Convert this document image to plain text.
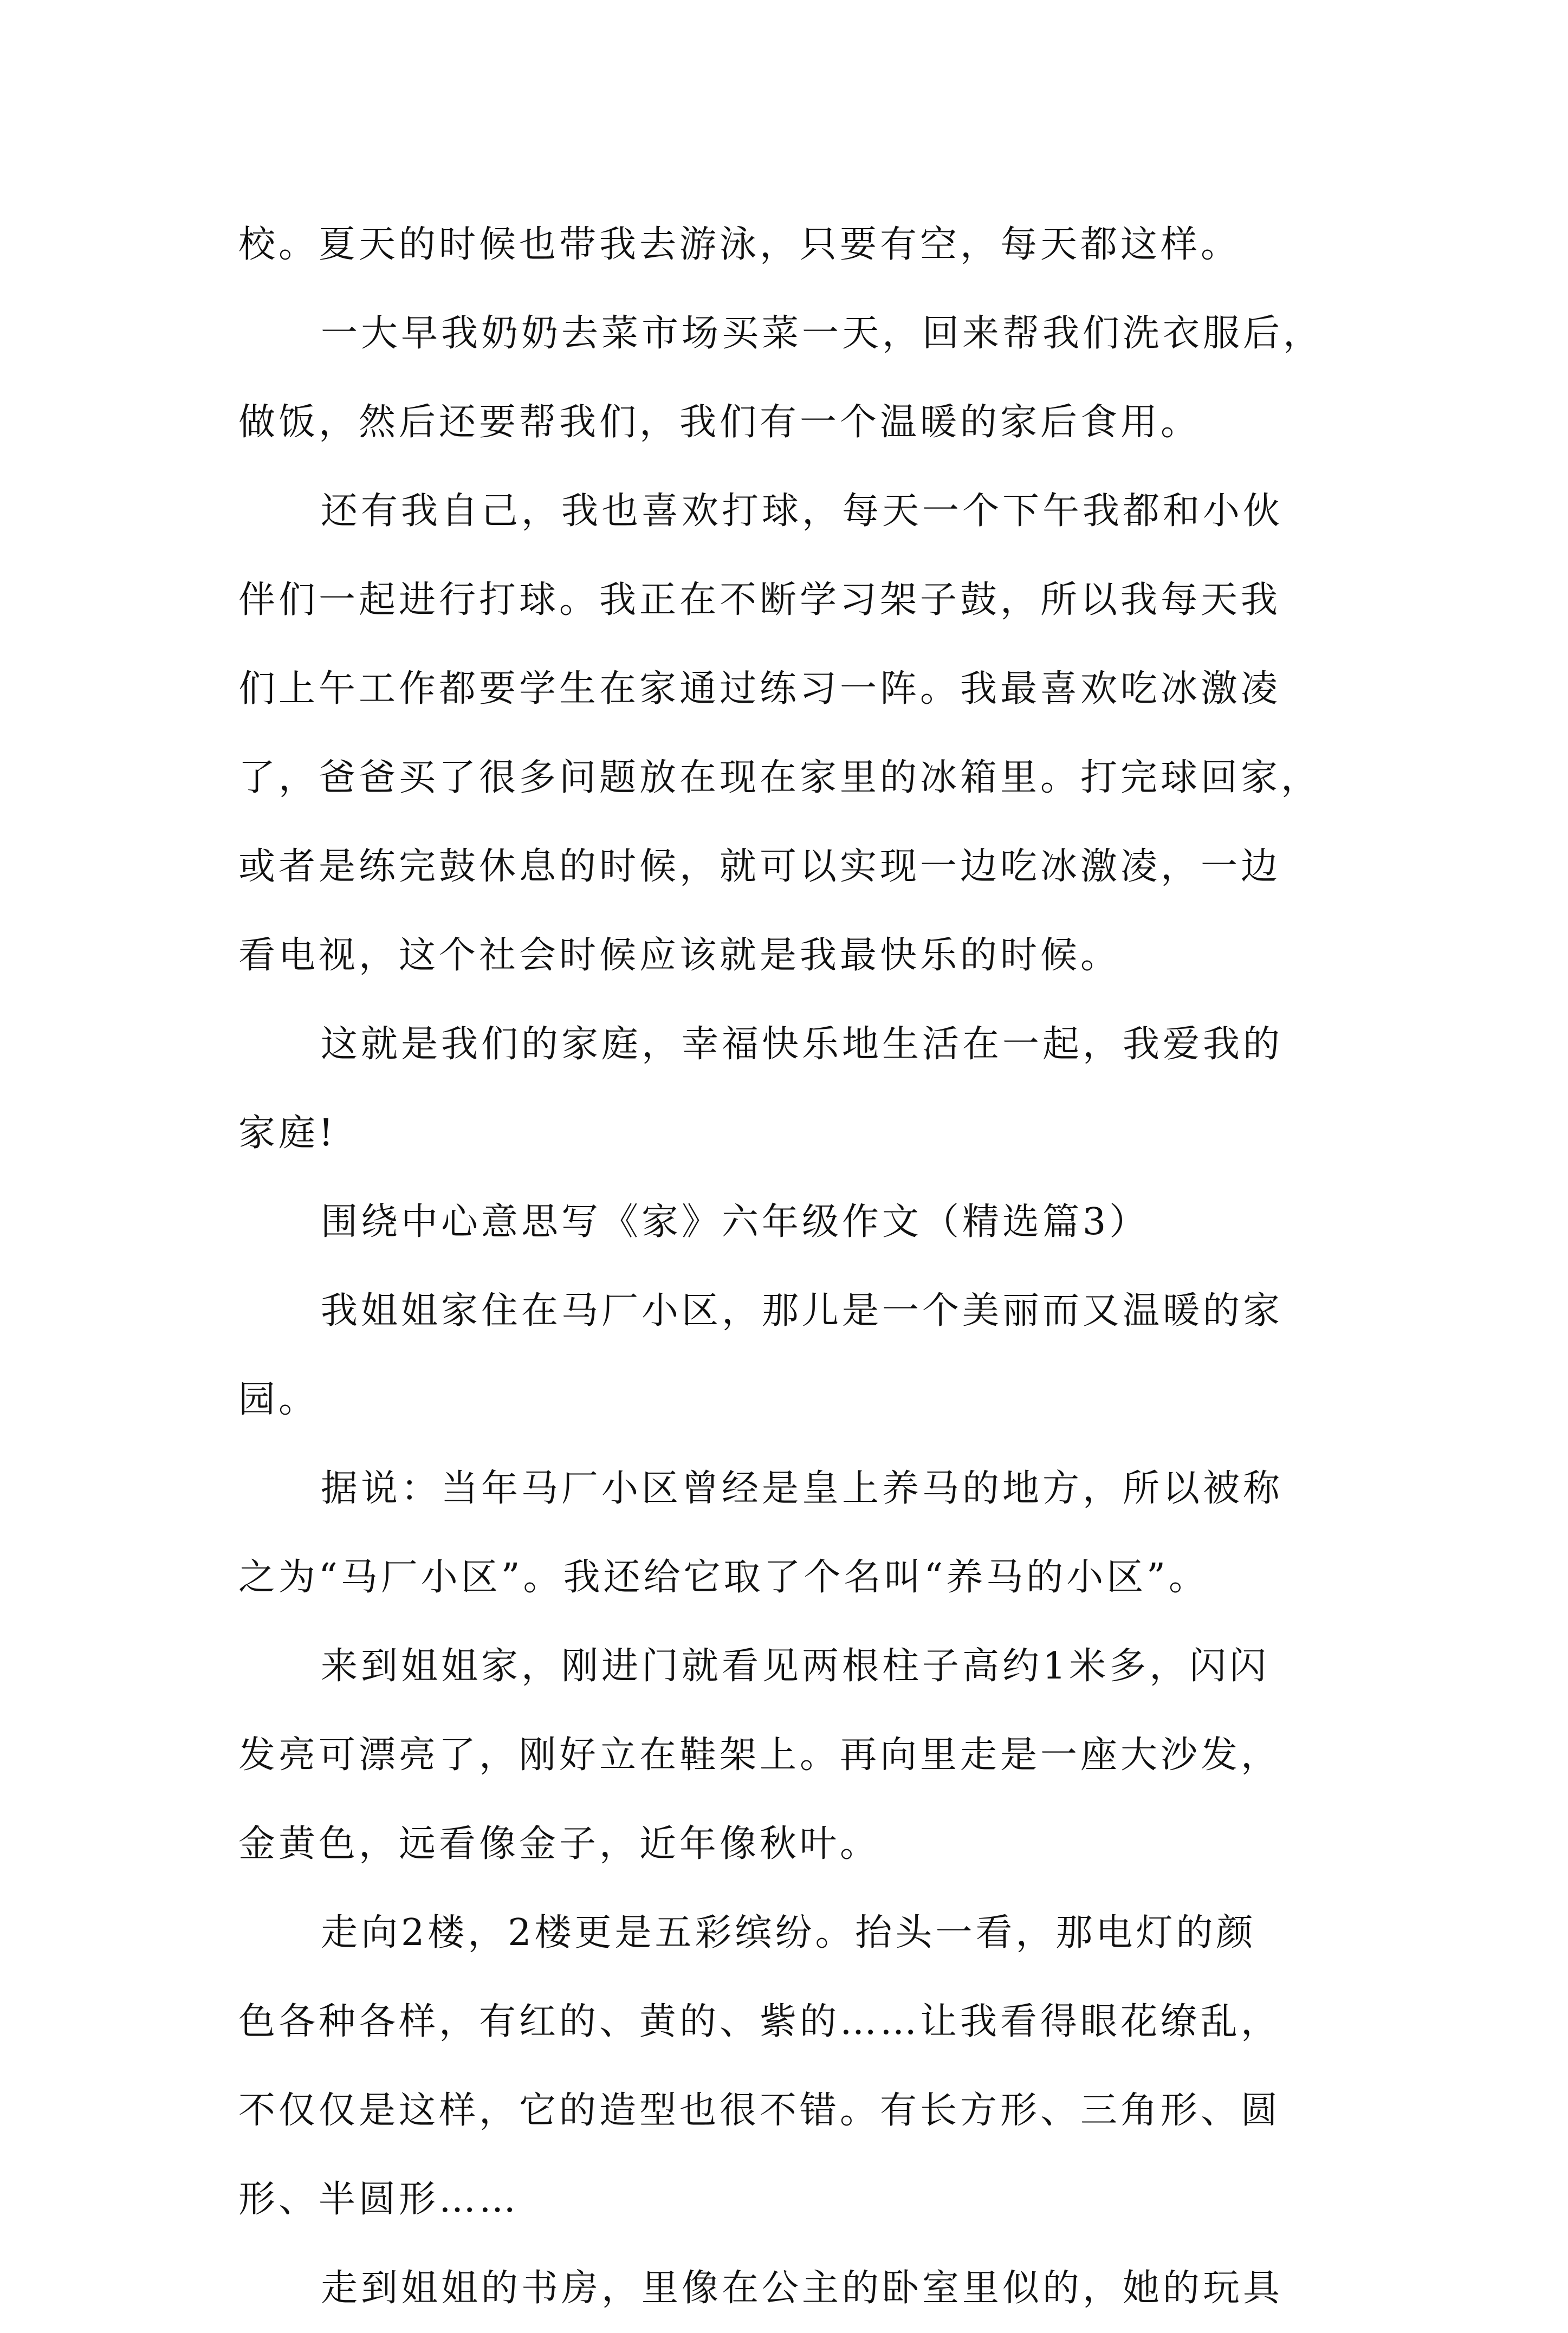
校。夏天的时候也带我去游泳，只要有空，每天都这样。
一大早我奶奶去菜市场买菜一天，回来帮我们洗衣服后，
做饭，然后还要帮我们，我们有一个温暖的家后食用。
还有我自己，我也喜欢打球，每天一个下午我都和小伙
伴们一起进行打球。我正在不断学习架子鼓，所以我每天我
们上午工作都要学生在家通过练习一阵。我最喜欢吃冰激凌
了，爸爸买了很多问题放在现在家里的冰箱里。打完球回家，
或者是练完鼓休息的时候，就可以实现一边吃冰激凌，一边
看电视，这个社会时候应该就是我最快乐的时候。
这就是我们的家庭，幸福快乐地生活在一起，我爱我的
家庭!
围绕中心意思写《家》六年级作文（精选篇3）
我姐姐家住在马厂小区，那儿是一个美丽而又温暖的家
园。
据说：当年马厂小区曾经是皇上养马的地方，所以被称
之为“马厂小区”。我还给它取了个名叫“养马的小区”。
来到姐姐家，刚进门就看见两根柱子高约1米多，闪闪
发亮可漂亮了，刚好立在鞋架上。再向里走是一座大沙发，
金黄色，远看像金子，近年像秋叶。
走向2楼，2楼更是五彩缤纷。抬头一看，那电灯的颜
色各种各样，有红的、黄的、紫的……让我看得眼花缭乱，
不仅仅是这样，它的造型也很不错。有长方形、三角形、圆
形、半圆形……
走到姐姐的书房，里像在公主的卧室里似的，她的玩具
